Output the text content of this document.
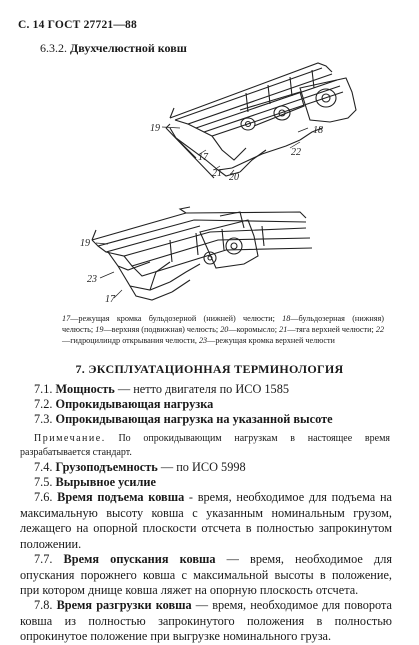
С. 14 ГОСТ 27721—88
6.3.2. Двухчелюстной ковш
19	18
22
17
21 20
19
23
17
17—режущая кромка бульдозерной (нижней) челюсти; 18—бульдозерная (нижняя) челюсть; 19—верхняя (подвижная) челюсть; 20—коромысло; 21—тяга верхней челюсти; 22—гидроцилиндр открывания челюсти, 23—режущая кромка верхней челюсти
7. ЭКСПЛУАТАЦИОННАЯ ТЕРМИНОЛОГИЯ
7.1. Мощность — нетто двигателя по ИСО 1585
7.2. Опрокидывающая нагрузка
7.3. Опрокидывающая нагрузка на указанной высоте
Примечание. По опрокидывающим нагрузкам в настоящее время разрабатывается стандарт.
7.4. Грузоподъемность — по ИСО 5998
7.5. Вырывное усилие
7.6. Время подъема ковша - время, необходимое для подъема на максимальную высоту ковша с указанным номинальным грузом, лежащего на опорной плоскости отсчета в полностью запрокинутом положении.
7.7. Время опускания ковша — время, необходимое для опускания порожнего ковша с максимальной высоты в положение, при котором днище ковша ляжет на опорную плоскость отсчета.
7.8. Время разгрузки ковша — время, необходимое для поворота ковша из полностью запрокинутого положения в полностью опрокинутое положение при выгрузке номинального груза.
